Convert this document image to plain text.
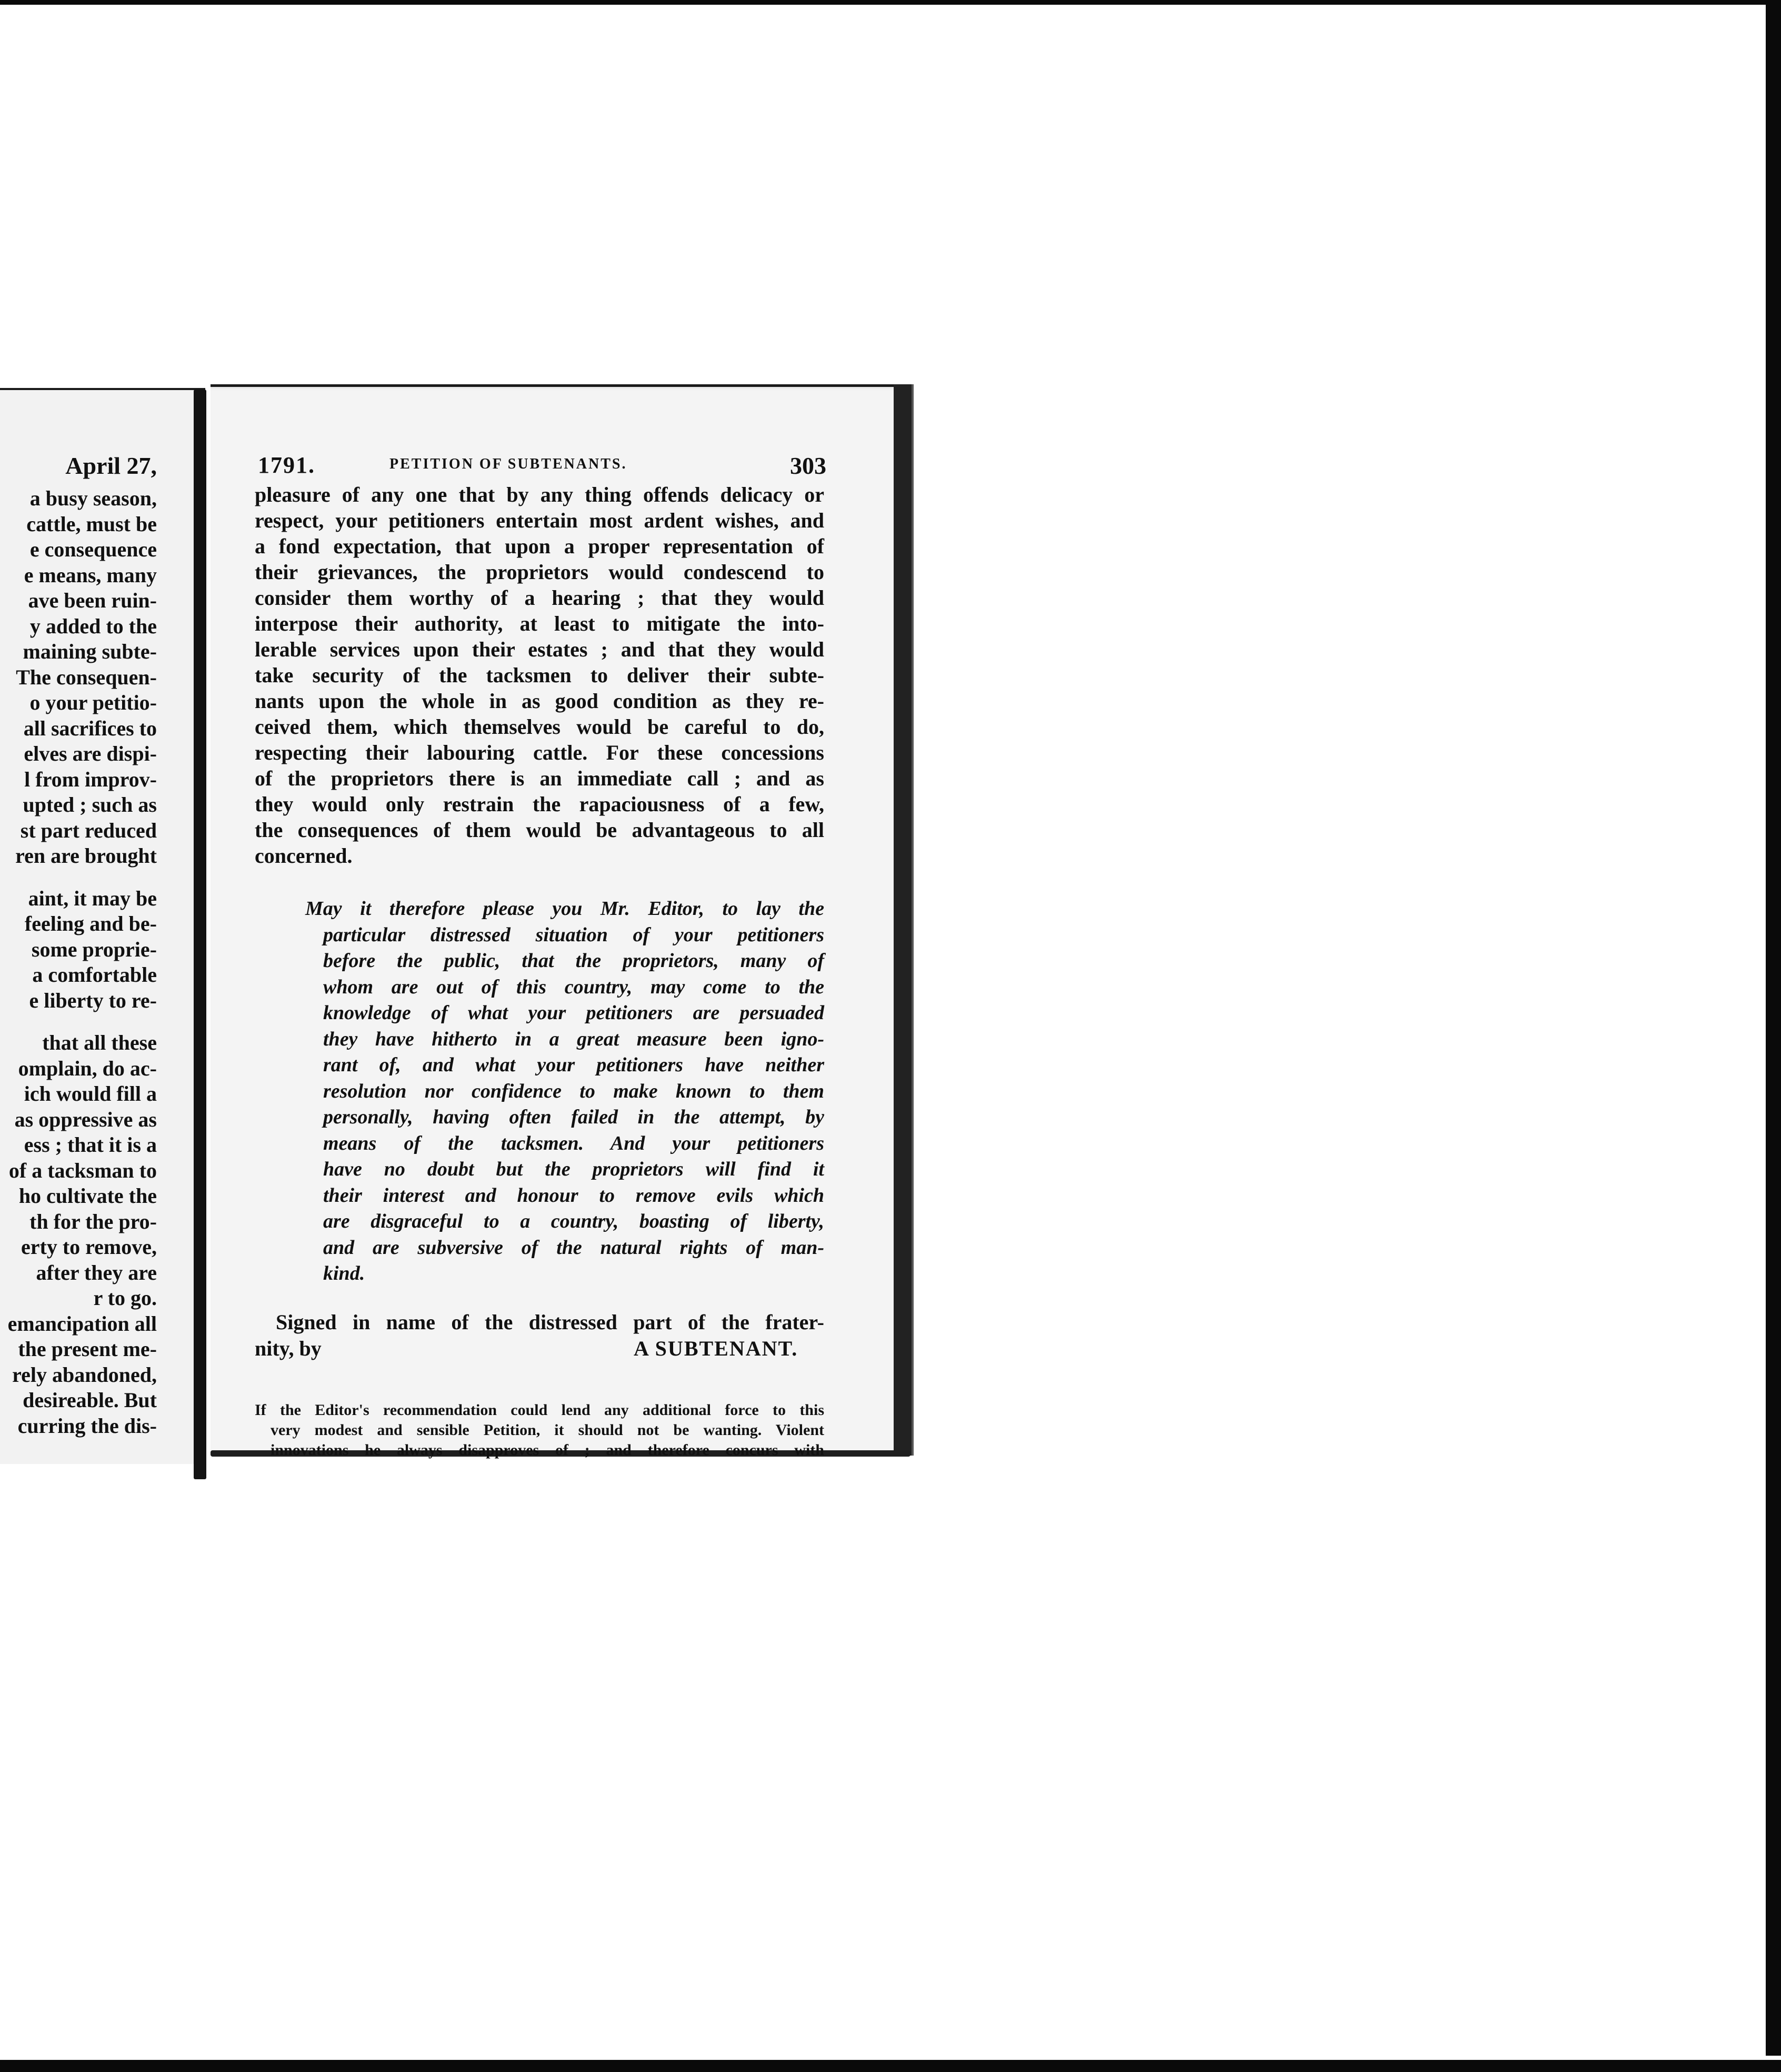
April 27,
a busy season,
cattle, must be
e consequence
e means, many
ave been ruin-
y added to the
maining subte-
The consequen-
o your petitio-
all sacrifices to
elves are dispi-
l from improv-
upted ; such as
st part reduced
ren are brought
aint, it may be
feeling and be-
some proprie-
a comfortable
e liberty to re-
that all these
omplain, do ac-
ich would fill a
as oppressive as
ess ; that it is a
of a tacksman to
ho cultivate the
th for the pro-
erty to remove,
after they are
r to go.
emancipation all
the present me-
rely abandoned,
desireable. But
curring the dis-
1791.	PETITION OF SUBTENANTS.	303
pleasure of any one that by any thing offends delicacy or
respect, your petitioners entertain most ardent wishes, and
a fond expectation, that upon a proper representation of
their grievances, the proprietors would condescend to
consider them worthy of a hearing ; that they would
interpose their authority, at least to mitigate the into-
lerable services upon their estates ; and that they would
take security of the tacksmen to deliver their subte-
nants upon the whole in as good condition as they re-
ceived them, which themselves would be careful to do,
respecting their labouring cattle. For these concessions
of the proprietors there is an immediate call ; and as
they would only restrain the rapaciousness of a few,
the consequences of them would be advantageous to all
concerned.
May it therefore please you Mr. Editor, to lay the
particular distressed situation of your petitioners
before the public, that the proprietors, many of
whom are out of this country, may come to the
knowledge of what your petitioners are persuaded
they have hitherto in a great measure been igno-
rant of, and what your petitioners have neither
resolution nor confidence to make known to them
personally, having often failed in the attempt, by
means of the tacksmen. And your petitioners
have no doubt but the proprietors will find it
their interest and honour to remove evils which
are disgraceful to a country, boasting of liberty,
and are subversive of the natural rights of man-
kind.
Signed in name of the distressed part of the frater-
nity, by	A SUBTENANT.
If the Editor's recommendation could lend any additional force to this
very modest and sensible Petition, it should not be wanting. Violent
innovations he always disapproves of ; and therefore concurs with
